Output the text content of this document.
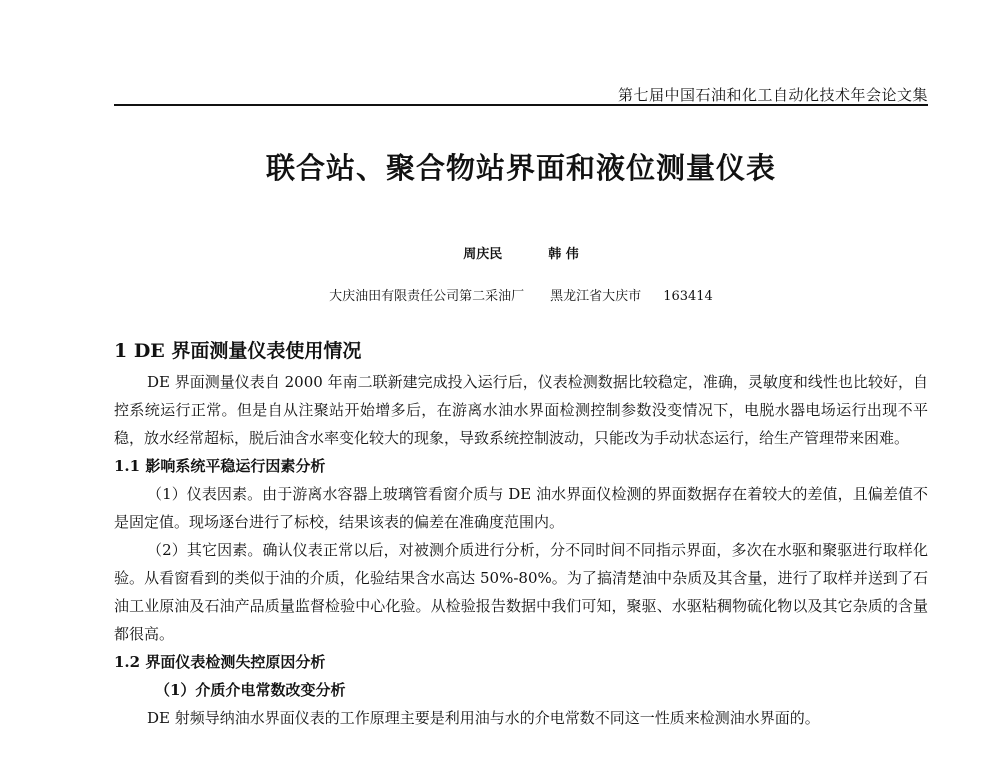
第七届中国石油和化工自动化技术年会论文集
联合站、聚合物站界面和液位测量仪表
周庆民	韩 伟
大庆油田有限责任公司第二采油厂 黑龙江省大庆市 163414
1 DE 界面测量仪表使用情况

DE 界面测量仪表自 2000 年南二联新建完成投入运行后，仪表检测数据比较稳定，准确，灵敏度和线性也比较好，自控系统运行正常。但是自从注聚站开始增多后，在游离水油水界面检测控制参数没变情况下，电脱水器电场运行出现不平稳，放水经常超标，脱后油含水率变化较大的现象，导致系统控制波动，只能改为手动状态运行，给生产管理带来困难。

1.1 影响系统平稳运行因素分析

（1）仪表因素。由于游离水容器上玻璃管看窗介质与 DE 油水界面仪检测的界面数据存在着较大的差值，且偏差值不是固定值。现场逐台进行了标校，结果该表的偏差在准确度范围内。

（2）其它因素。确认仪表正常以后，对被测介质进行分析，分不同时间不同指示界面，多次在水驱和聚驱进行取样化验。从看窗看到的类似于油的介质，化验结果含水高达 50%-80%。为了搞清楚油中杂质及其含量，进行了取样并送到了石油工业原油及石油产品质量监督检验中心化验。从检验报告数据中我们可知，聚驱、水驱粘稠物硫化物以及其它杂质的含量都很高。

1.2 界面仪表检测失控原因分析
（1）介质介电常数改变分析

DE 射频导纳油水界面仪表的工作原理主要是利用油与水的介电常数不同这一性质来检测油水界面的。
